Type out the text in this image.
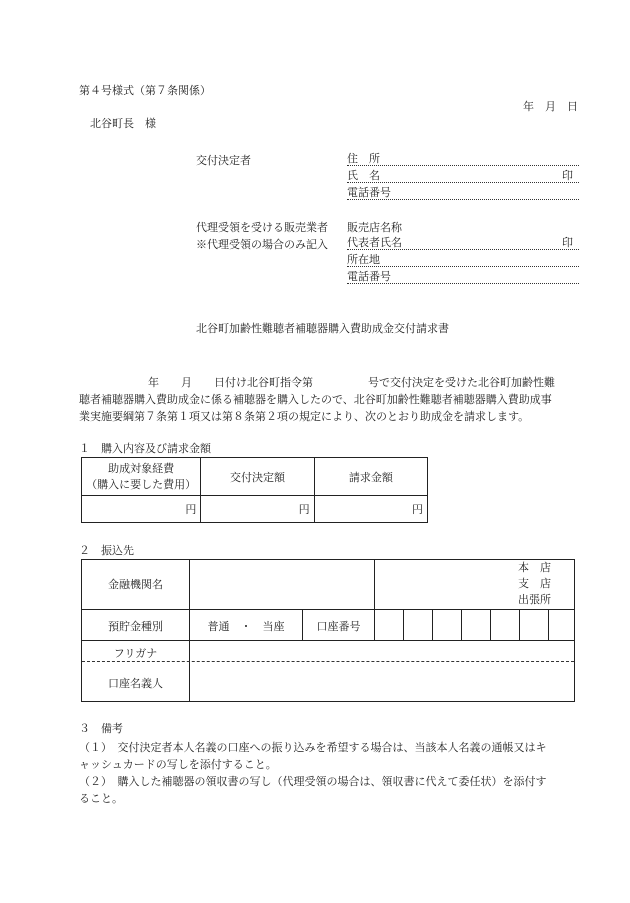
第４号様式（第７条関係）
年　月　日
北谷町長　様
交付決定者	住　所
氏　名	印
電話番号
代理受領を受ける販売業者
※代理受領の場合のみ記入
販売店名称
代表者氏名	印
所在地
電話番号
北谷町加齢性難聴者補聴器購入費助成金交付請求書
年　　月　　日付け北谷町指令第　　　　　号で交付決定を受けた北谷町加齢性難
聴者補聴器購入費助成金に係る補聴器を購入したので、北谷町加齢性難聴者補聴器購入費助成事
業実施要綱第７条第１項又は第８条第２項の規定により、次のとおり助成金を請求します。
１　購入内容及び請求金額
助成対象経費
（購入に要した費用）	交付決定額	請求金額
円	円	円
２　振込先
金融機関名
本　店
支　店
出張所
預貯金種別	普通　・　当座	口座番号
フリガナ
口座名義人
３　備考
（１）　交付決定者本人名義の口座への振り込みを希望する場合は、当該本人名義の通帳又はキ
ャッシュカードの写しを添付すること。
（２）　購入した補聴器の領収書の写し（代理受領の場合は、領収書に代えて委任状）を添付す
ること。
